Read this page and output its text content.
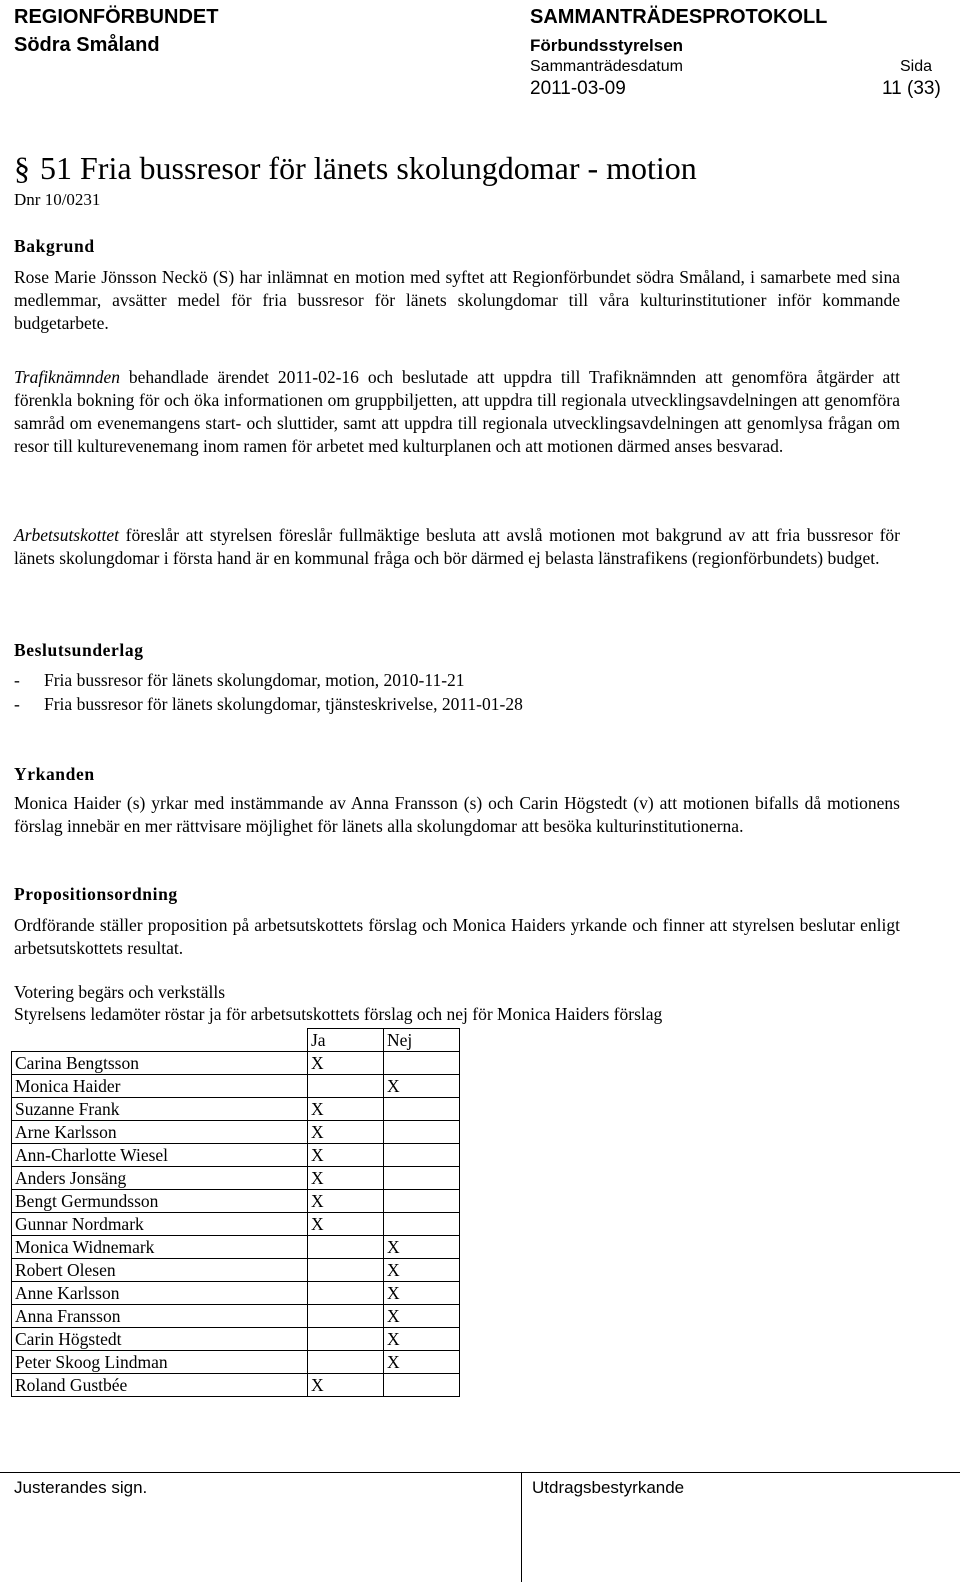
REGIONFÖRBUNDET
Södra Småland
SAMMANTRÄDESPROTOKOLL
Förbundsstyrelsen
Sammanträdesdatum	Sida
2011-03-09	11 (33)
§ 51 Fria bussresor för länets skolungdomar - motion
Dnr 10/0231
Bakgrund
Rose Marie Jönsson Neckö (S) har inlämnat en motion med syftet att Regionförbundet södra Småland, i samarbete med sina medlemmar, avsätter medel för fria bussresor för länets skolungdomar till våra kulturinstitutioner inför kommande budgetarbete.
Trafiknämnden behandlade ärendet 2011-02-16 och beslutade att uppdra till Trafiknämnden att genomföra åtgärder att förenkla bokning för och öka informationen om gruppbiljetten, att uppdra till regionala utvecklingsavdelningen att genomföra samråd om evenemangens start- och sluttider, samt att uppdra till regionala utvecklingsavdelningen att genomlysa frågan om resor till kulturevenemang inom ramen för arbetet med kulturplanen och att motionen därmed anses besvarad.
Arbetsutskottet föreslår att styrelsen föreslår fullmäktige besluta att avslå motionen mot bakgrund av att fria bussresor för länets skolungdomar i första hand är en kommunal fråga och bör därmed ej belasta länstrafikens (regionförbundets) budget.
Beslutsunderlag
- Fria bussresor för länets skolungdomar, motion, 2010-11-21
- Fria bussresor för länets skolungdomar, tjänsteskrivelse, 2011-01-28
Yrkanden
Monica Haider (s) yrkar med instämmande av Anna Fransson (s) och Carin Högstedt (v) att motionen bifalls då motionens förslag innebär en mer rättvisare möjlighet för länets alla skolungdomar att besöka kulturinstitutionerna.
Propositionsordning
Ordförande ställer proposition på arbetsutskottets förslag och Monica Haiders yrkande och finner att styrelsen beslutar enligt arbetsutskottets resultat.
Votering begärs och verkställs
Styrelsens ledamöter röstar ja för arbetsutskottets förslag och nej för Monica Haiders förslag
	Ja	Nej
Carina Bengtsson	X	
Monica Haider		X
Suzanne Frank	X	
Arne Karlsson	X	
Ann-Charlotte Wiesel	X	
Anders Jonsäng	X	
Bengt Germundsson	X	
Gunnar Nordmark	X	
Monica Widnemark		X
Robert Olesen		X
Anne Karlsson		X
Anna Fransson		X
Carin Högstedt		X
Peter Skoog Lindman		X
Roland Gustbée	X	
Justerandes sign.	Utdragsbestyrkande
